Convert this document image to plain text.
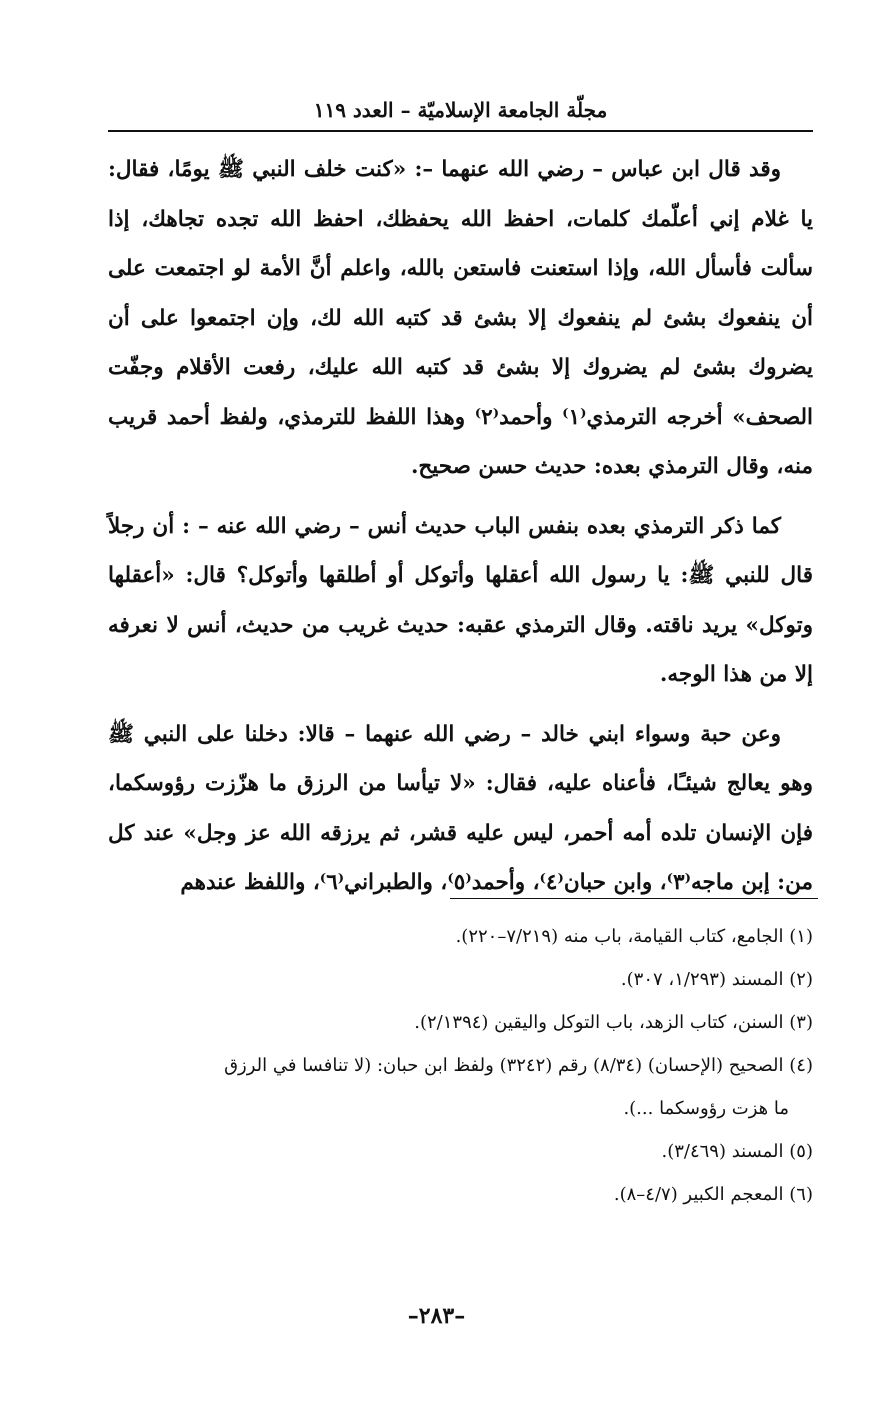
مجلّة الجامعة الإسلاميّة – العدد ١١٩

وقد قال ابن عباس – رضي الله عنهما –: «كنت خلف النبي ﷺ يومًا، فقال: يا غلام إني أعلّمك كلمات، احفظ الله يحفظك، احفظ الله تجده تجاهك، إذا سألت فأسأل الله، وإذا استعنت فاستعن بالله، واعلم أنَّ الأمة لو اجتمعت على أن ينفعوك بشئ لم ينفعوك إلا بشئ قد كتبه الله لك، وإن اجتمعوا على أن يضروك بشئ لم يضروك إلا بشئ قد كتبه الله عليك، رفعت الأقلام وجفّت الصحف» أخرجه الترمذي⁽١⁾ وأحمد⁽٢⁾ وهذا اللفظ للترمذي، ولفظ أحمد قريب منه، وقال الترمذي بعده: حديث حسن صحيح.

كما ذكر الترمذي بعده بنفس الباب حديث أنس – رضي الله عنه – : أن رجلاً قال للنبي ﷺ: يا رسول الله أعقلها وأتوكل أو أطلقها وأتوكل؟ قال: «أعقلها وتوكل» يريد ناقته. وقال الترمذي عقبه: حديث غريب من حديث، أنس لا نعرفه إلا من هذا الوجه.

وعن حبة وسواء ابني خالد – رضي الله عنهما – قالا: دخلنا على النبي ﷺ وهو يعالج شيئـًا، فأعناه عليه، فقال: «لا تيأسا من الرزق ما هزّزت رؤوسكما، فإن الإنسان تلده أمه أحمر، ليس عليه قشر، ثم يرزقه الله عز وجل» عند كل من: إبن ماجه⁽٣⁾، وابن حبان⁽٤⁾، وأحمد⁽٥⁾، والطبراني⁽٦⁾، واللفظ عندهم

(١) الجامع، كتاب القيامة، باب منه (٧/٢١٩–٢٢٠).

(٢) المسند (١/٢٩٣، ٣٠٧).

(٣) السنن، كتاب الزهد، باب التوكل واليقين (٢/١٣٩٤).

(٤) الصحيح (الإحسان) (٨/٣٤) رقم (٣٢٤٢) ولفظ ابن حبان: (لا تنافسا في الرزق

ما هزت رؤوسكما ...).

(٥) المسند (٣/٤٦٩).

(٦) المعجم الكبير (٤/٧–٨).

–٢٨٣–
